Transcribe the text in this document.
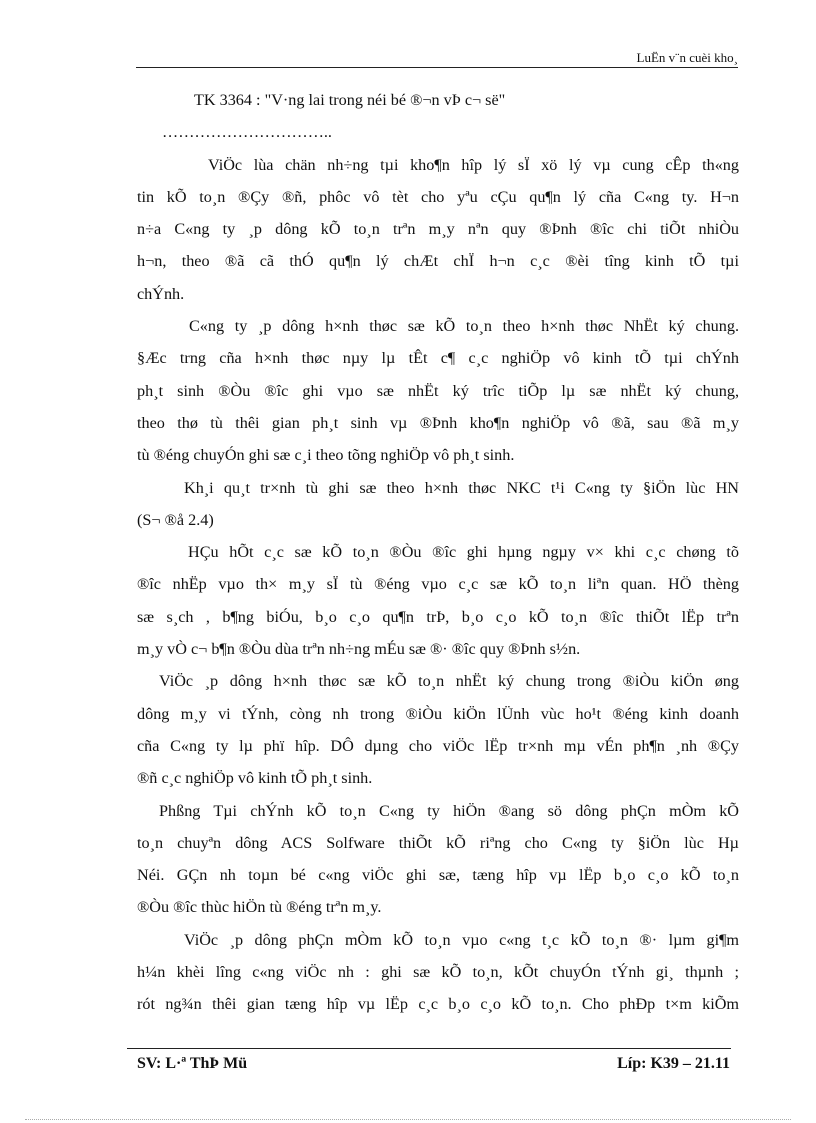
LuËn v¨n cuèi kho¸
TK 3364 : "V·ng lai trong néi bé ®¬n vÞ c¬ së"
…………………………..
ViÖc lùa chän nh÷ng tµi kho¶n hîp lý sÏ xö lý vµ cung cÊp th«ng
tin kÕ to¸n ®Çy ®ñ, phôc vô tèt cho yªu cÇu qu¶n lý cña C«ng ty. H¬n
n÷a C«ng ty ¸p dông kÕ to¸n trªn m¸y nªn quy ®Þnh ®îc chi tiÕt nhiÒu
h¬n, theo ®ã cã thÓ qu¶n lý chÆt chÏ h¬n c¸c ®èi tîng kinh tÕ tµi
chÝnh.
C«ng ty ¸p dông h×nh thøc sæ kÕ to¸n theo h×nh thøc NhËt ký chung.
§Æc trng cña h×nh thøc nµy lµ tÊt c¶ c¸c nghiÖp vô kinh tÕ tµi chÝnh
ph¸t sinh ®Òu ®îc ghi vµo sæ nhËt ký trîc tiÕp lµ sæ nhËt ký chung,
theo thø tù thêi gian ph¸t sinh vµ ®Þnh kho¶n nghiÖp vô ®ã, sau ®ã m¸y
tù ®éng chuyÓn ghi sæ c¸i theo tõng nghiÖp vô ph¸t sinh.
Kh¸i qu¸t tr×nh tù ghi sæ theo h×nh thøc NKC t¹i C«ng ty §iÖn lùc HN
(S¬ ®å 2.4)
HÇu hÕt c¸c sæ kÕ to¸n ®Òu ®îc ghi hµng ngµy v× khi c¸c chøng tõ
®îc nhËp vµo th× m¸y sÏ tù ®éng vµo c¸c sæ kÕ to¸n liªn quan. HÖ thèng
sæ s¸ch , b¶ng biÓu, b¸o c¸o qu¶n trÞ, b¸o c¸o kÕ to¸n ®îc thiÕt lËp trªn
m¸y vÒ c¬ b¶n ®Òu dùa trªn nh÷ng mÉu sæ ®· ®îc quy ®Þnh s½n.
ViÖc ¸p dông h×nh thøc sæ kÕ to¸n nhËt ký chung trong ®iÒu kiÖn øng
dông m¸y vi tÝnh, còng nh trong ®iÒu kiÖn lÜnh vùc ho¹t ®éng kinh doanh
cña C«ng ty lµ phï hîp. DÔ dµng cho viÖc lËp tr×nh mµ vÉn ph¶n ¸nh ®Çy
®ñ c¸c nghiÖp vô kinh tÕ ph¸t sinh.
Phßng Tµi chÝnh kÕ to¸n C«ng ty hiÖn ®ang sö dông phÇn mÒm kÕ
to¸n chuyªn dông ACS Solfware thiÕt kÕ riªng cho C«ng ty §iÖn lùc Hµ
Néi. GÇn nh toµn bé c«ng viÖc ghi sæ, tæng hîp vµ lËp b¸o c¸o kÕ to¸n
®Òu ®îc thùc hiÖn tù ®éng trªn m¸y.
ViÖc ¸p dông phÇn mÒm kÕ to¸n vµo c«ng t¸c kÕ to¸n ®· lµm gi¶m
h¼n khèi lîng c«ng viÖc nh : ghi sæ kÕ to¸n, kÕt chuyÓn tÝnh gi¸ thµnh ;
rót ng¾n thêi gian tæng hîp vµ lËp c¸c b¸o c¸o kÕ to¸n. Cho phÐp t×m kiÕm
SV: L·ª ThÞ Mü	Líp: K39 – 21.11
